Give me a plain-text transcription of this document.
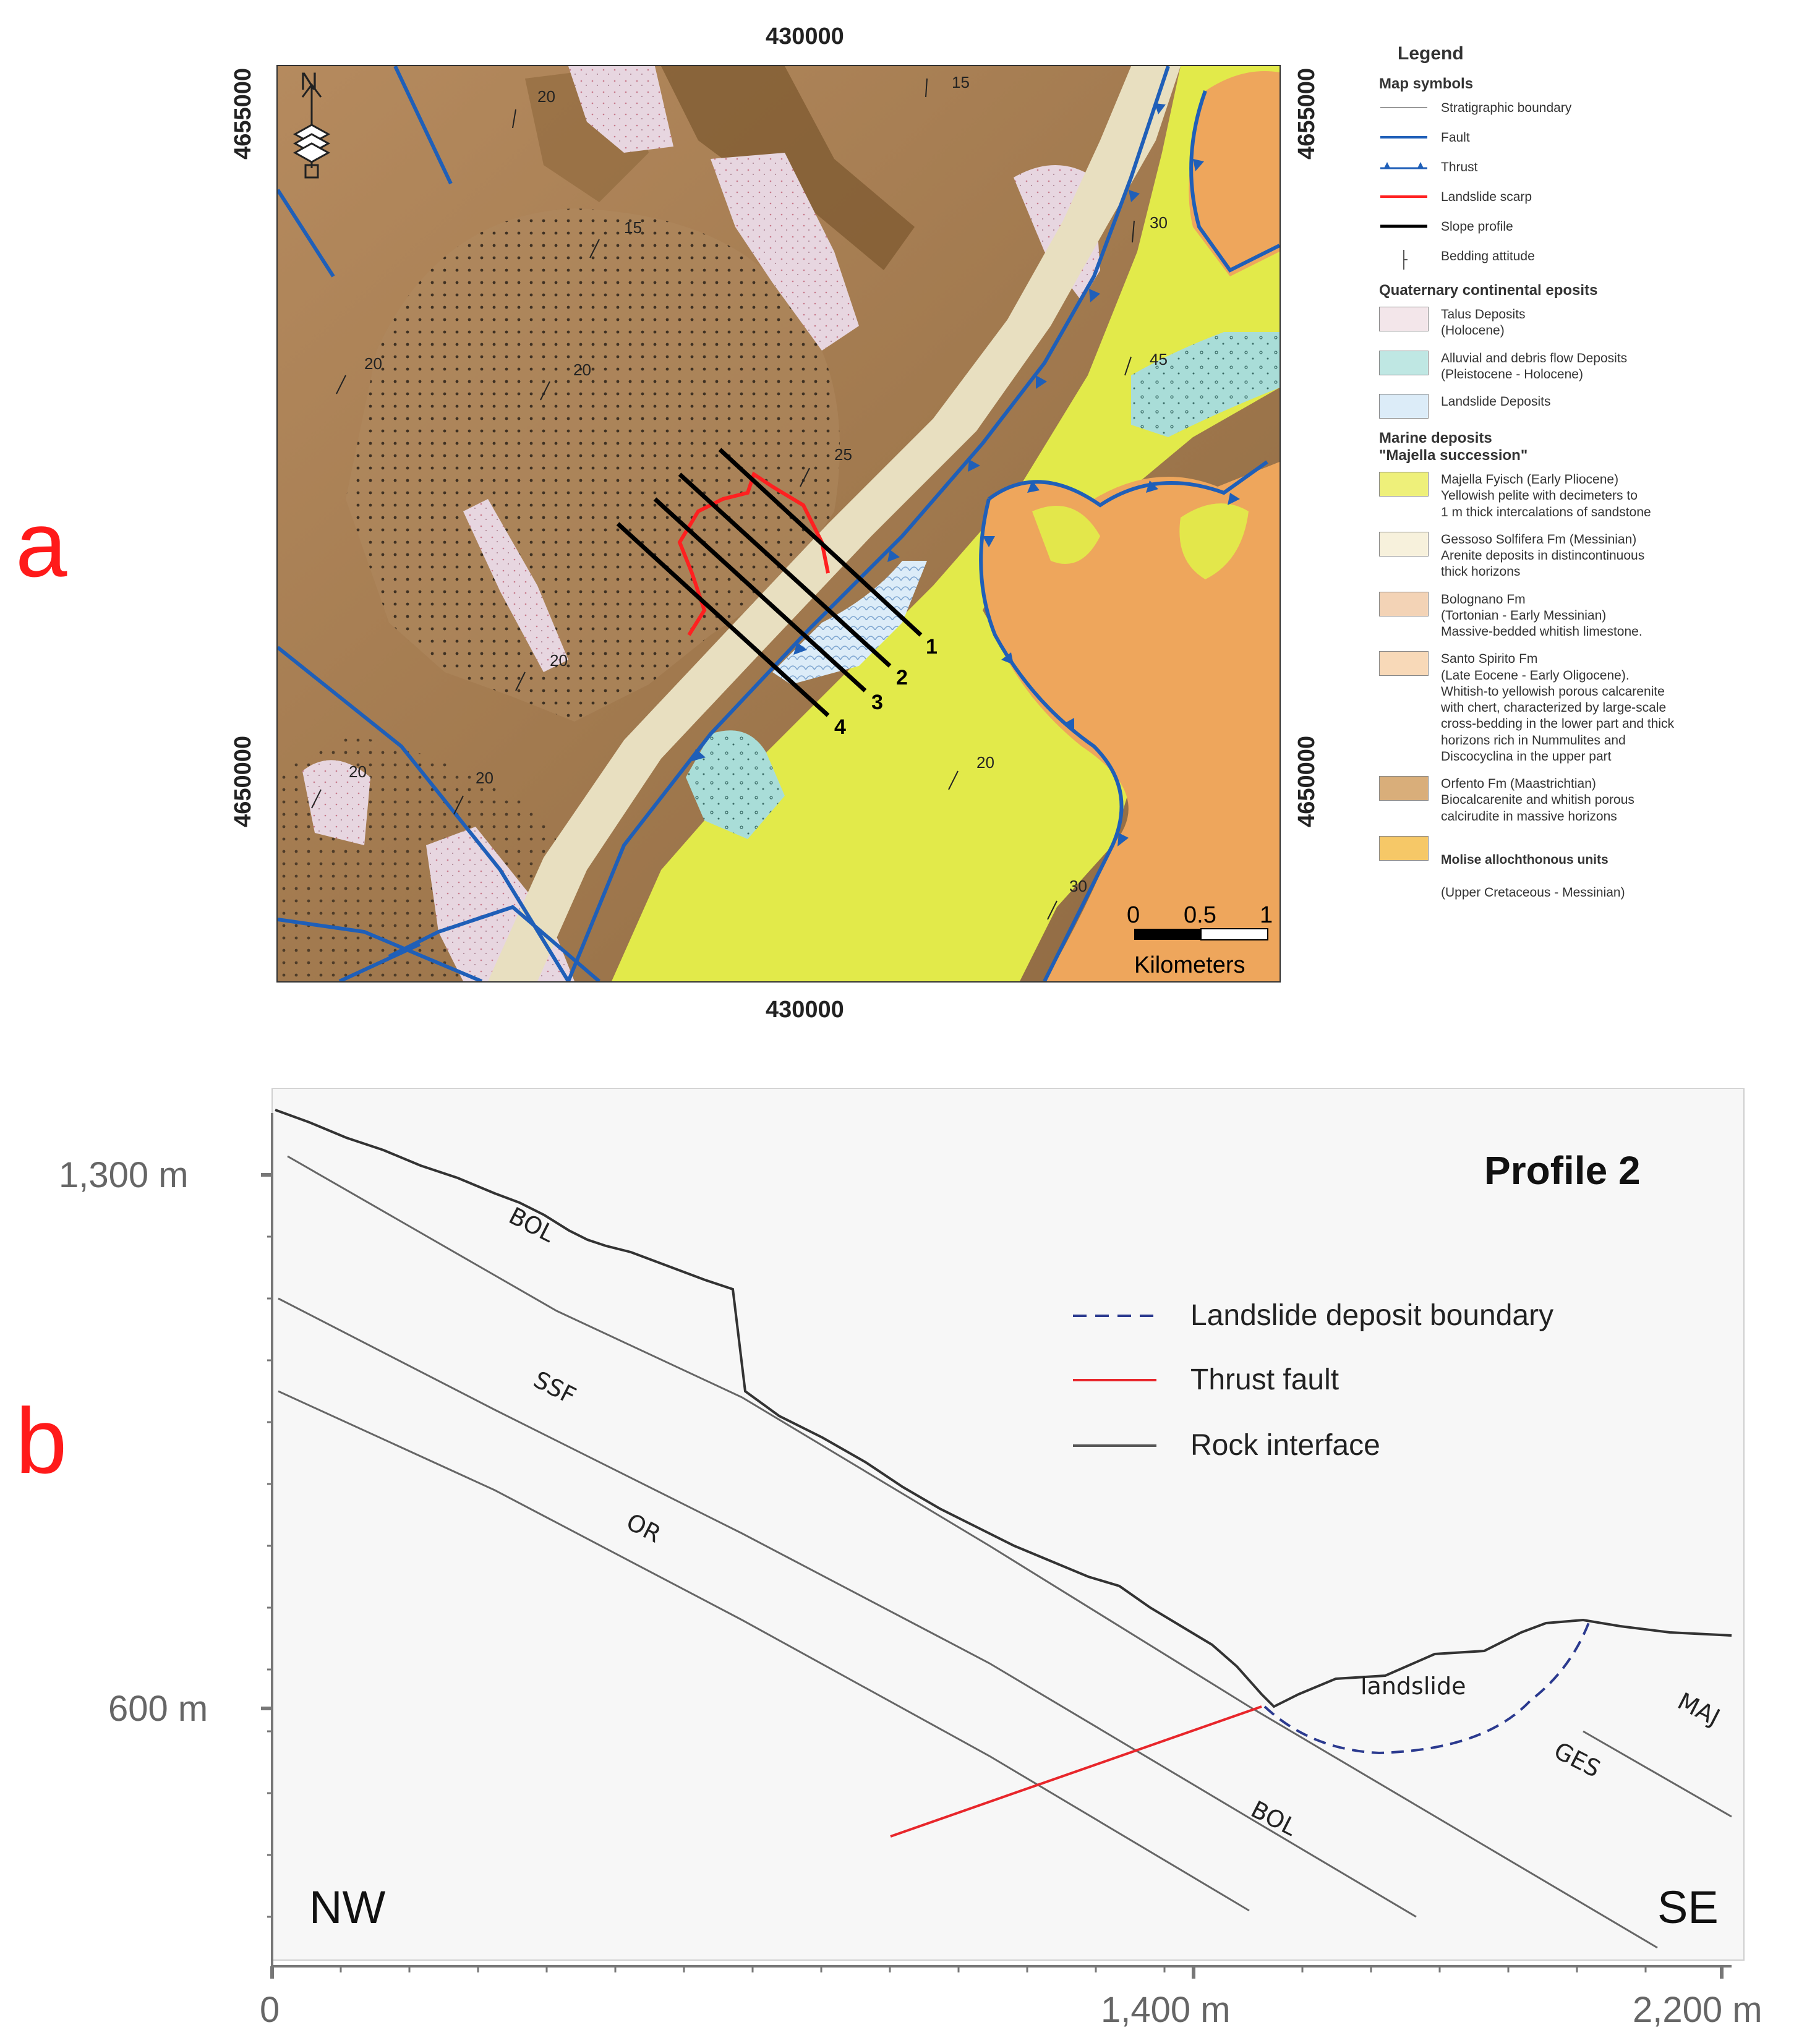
a
b
430000
430000
4655000
4650000
4655000
4650000
1
2
3
4
20
15
15
20	20
25
20
20	20
30
45
20
30
N
0 0.5 1
Kilometers
Legend
Map symbols
Stratigraphic boundary
Fault
Thrust
Landslide scarp
Slope profile
Bedding attitude
Quaternary continental eposits
Talus Deposits
(Holocene)
Alluvial and debris flow Deposits
(Pleistocene - Holocene)
Landslide Deposits
Marine deposits
"Majella succession"
Majella Fyisch (Early Pliocene)
Yellowish pelite with decimeters to
1 m thick intercalations of sandstone
Gessoso Solfifera Fm (Messinian)
Arenite deposits in distincontinuous
thick horizons
Bolognano Fm
(Tortonian - Early Messinian)
Massive-bedded whitish limestone.
Santo Spirito Fm
(Late Eocene - Early Oligocene).
Whitish-to yellowish porous calcarenite
with chert, characterized by large-scale
cross-bedding in the lower part and thick
horizons rich in Nummulites and
Discocyclina in the upper part
Orfento Fm (Maastrichtian)
Biocalcarenite and whitish porous
calcirudite in massive horizons

Molise allochthonous units

(Upper Cretaceous - Messinian)

1,300 m
600 m
0	1,400 m	2,200 m
BOL
SSF
OR
landslide
MAJ
GES
BOL
Profile 2
NW	SE
Landslide deposit boundary
Thrust fault
Rock interface
